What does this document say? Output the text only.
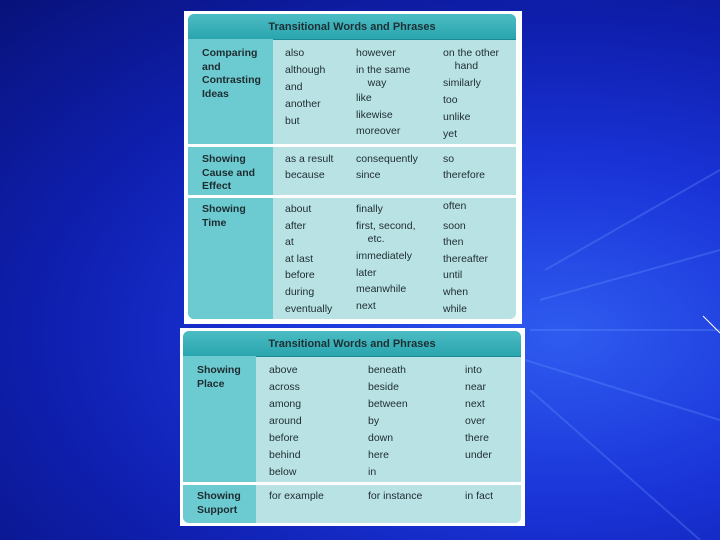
Transitional Words and Phrases
Comparing
and
Contrasting
Ideas
also
although
and
another
but
however
in the same
way
like
likewise
moreover
on the other
hand
similarly
too
unlike
yet
Showing
Cause and
Effect
as a result
because
consequently
since
so
therefore
Showing
Time
about
after
at
at last
before
during
eventually
finally
first, second,
etc.
immediately
later
meanwhile
next
often
soon
then
thereafter
until
when
while
Transitional Words and Phrases
Showing
Place
above
across
among
around
before
behind
below
beneath
beside
between
by
down
here
in
into
near
next
over
there
under
Showing
Support
for example	for instance	in fact
